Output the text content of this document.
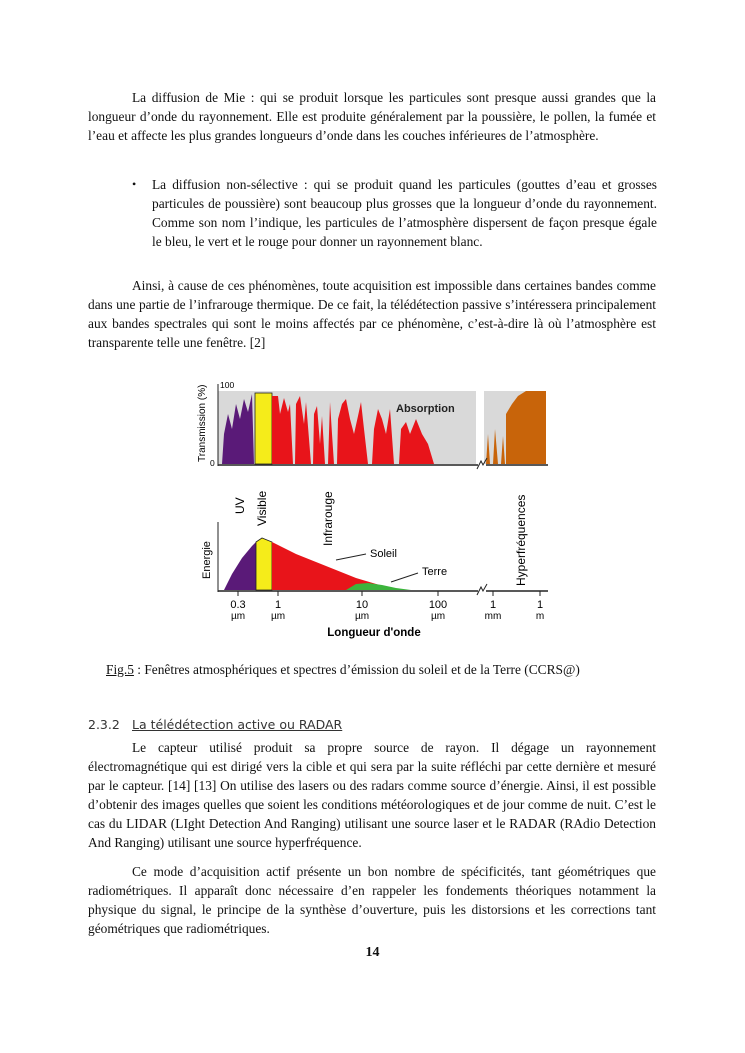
La diffusion de Mie : qui se produit lorsque les particules sont presque aussi grandes que la longueur d’onde du rayonnement. Elle est produite généralement par la poussière, le pollen, la fumée et l’eau et affecte les plus grandes longueurs d’onde dans les couches inférieures de l’atmosphère.

• La diffusion non-sélective : qui se produit quand les particules (gouttes d’eau et grosses particules de poussière) sont beaucoup plus grosses que la longueur d’onde du rayonnement. Comme son nom l’indique, les particules de l’atmosphère dispersent de façon presque égale le bleu, le vert et le rouge pour donner un rayonnement blanc.

Ainsi, à cause de ces phénomènes, toute acquisition est impossible dans certaines bandes comme dans une partie de l’infrarouge thermique. De ce fait, la télédétection passive s’intéressera principalement aux bandes spectrales qui sont le moins affectés par ce phénomène, c’est-à-dire là où l’atmosphère est transparente telle une fenêtre. [2]

Transmission (%) 100
0
Absorption
UV Visible	Infrarouge	Hyperfréquences
Energie	Soleil
Terre
0.3
µm
1
µm
10
µm
100
µm
1
mm
1
m
Longueur d'onde
Fig.5 : Fenêtres atmosphériques et spectres d’émission du soleil et de la Terre (CCRS@)
2.3.2 La télédétection active ou RADAR

Le capteur utilisé produit sa propre source de rayon. Il dégage un rayonnement électromagnétique qui est dirigé vers la cible et qui sera par la suite réfléchi par cette dernière et mesuré par le capteur. [14] [13] On utilise des lasers ou des radars comme source d’énergie. Ainsi, il est possible d’obtenir des images quelles que soient les conditions météorologiques et de jour comme de nuit. C’est le cas du LIDAR (LIght Detection And Ranging) utilisant une source laser et le RADAR (RAdio Detection And Ranging) utilisant une source hyperfréquence.

Ce mode d’acquisition actif présente un bon nombre de spécificités, tant géométriques que radiométriques. Il apparaît donc nécessaire d’en rappeler les fondements théoriques notamment la physique du signal, le principe de la synthèse d’ouverture, puis les distorsions et les corrections tant géométriques que radiométriques.

14
